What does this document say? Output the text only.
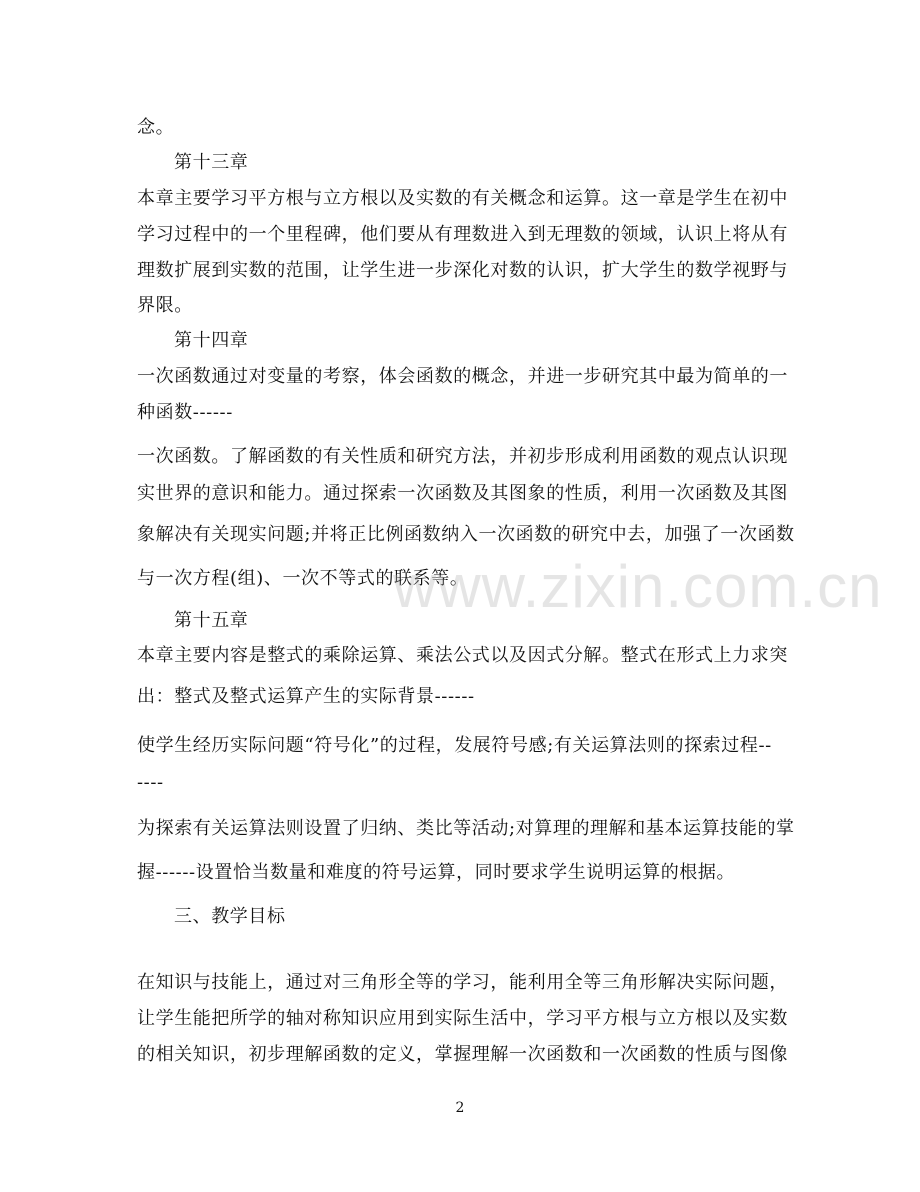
念。
第十三章
本章主要学习平方根与立方根以及实数的有关概念和运算。这一章是学生在初中
学习过程中的一个里程碑，他们要从有理数进入到无理数的领域，认识上将从有
理数扩展到实数的范围，让学生进一步深化对数的认识，扩大学生的数学视野与
界限。
第十四章
一次函数通过对变量的考察，体会函数的概念，并进一步研究其中最为简单的一
种函数------
一次函数。了解函数的有关性质和研究方法，并初步形成利用函数的观点认识现
实世界的意识和能力。通过探索一次函数及其图象的性质，利用一次函数及其图
象解决有关现实问题;并将正比例函数纳入一次函数的研究中去，加强了一次函数
与一次方程(组)、一次不等式的联系等。
第十五章
本章主要内容是整式的乘除运算、乘法公式以及因式分解。整式在形式上力求突
出：整式及整式运算产生的实际背景------
使学生经历实际问题“符号化”的过程，发展符号感;有关运算法则的探索过程--
----
为探索有关运算法则设置了归纳、类比等活动;对算理的理解和基本运算技能的掌
握------设置恰当数量和难度的符号运算，同时要求学生说明运算的根据。
三、教学目标
在知识与技能上，通过对三角形全等的学习，能利用全等三角形解决实际问题，
让学生能把所学的轴对称知识应用到实际生活中，学习平方根与立方根以及实数
的相关知识，初步理解函数的定义，掌握理解一次函数和一次函数的性质与图像
www.zixin.com.cn
2
